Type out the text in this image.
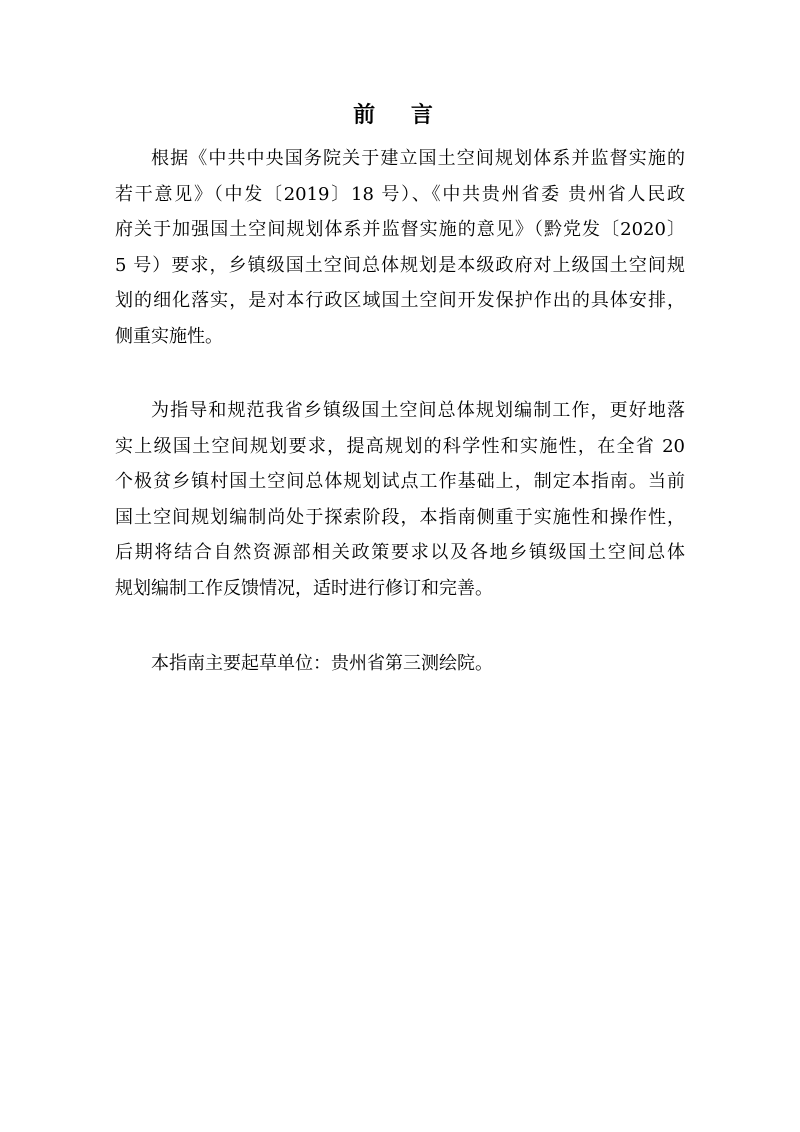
前 言
根据《中共中央国务院关于建立国土空间规划体系并监督实施的
若干意见》（中发〔2019〕18 号）、《中共贵州省委 贵州省人民政
府关于加强国土空间规划体系并监督实施的意见》（黔党发〔2020〕
5 号）要求，乡镇级国土空间总体规划是本级政府对上级国土空间规
划的细化落实，是对本行政区域国土空间开发保护作出的具体安排，
侧重实施性。
为指导和规范我省乡镇级国土空间总体规划编制工作，更好地落
实上级国土空间规划要求，提高规划的科学性和实施性，在全省 20
个极贫乡镇村国土空间总体规划试点工作基础上，制定本指南。当前
国土空间规划编制尚处于探索阶段，本指南侧重于实施性和操作性，
后期将结合自然资源部相关政策要求以及各地乡镇级国土空间总体
规划编制工作反馈情况，适时进行修订和完善。
本指南主要起草单位：贵州省第三测绘院。
